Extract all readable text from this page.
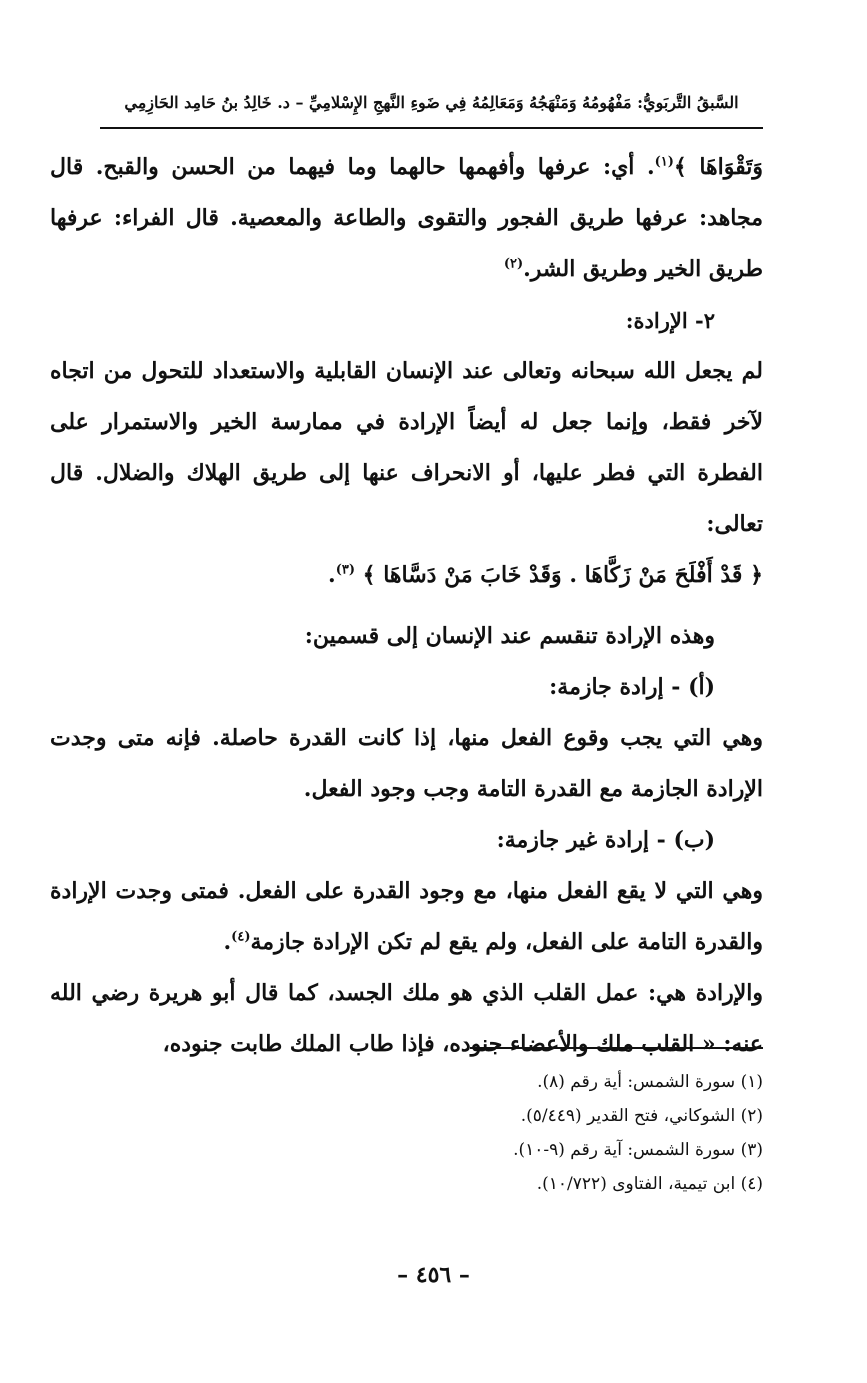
السَّبقُ التَّربَويُّ: مَفْهُومُهُ وَمَنْهَجُهُ وَمَعَالِمُهُ فِي ضَوءِ النَّهجِ الإِسْلامِيِّ – د. خَالِدُ بنُ حَامِد الحَازِمِي

وَتَقْوَاهَا ﴾$^{(١)}$. أي: عرفها وأفهمها حالهما وما فيهما من الحسن والقبح. قال مجاهد: عرفها طريق الفجور والتقوى والطاعة والمعصية. قال الفراء: عرفها طريق الخير وطريق الشر.$^{(٢)}$

٢- الإرادة:

لم يجعل الله سبحانه وتعالى عند الإنسان القابلية والاستعداد للتحول من اتجاه لآخر فقط، وإنما جعل له أيضاً الإرادة في ممارسة الخير والاستمرار على الفطرة التي فطر عليها، أو الانحراف عنها إلى طريق الهلاك والضلال. قال تعالى:

﴿ قَدْ أَفْلَحَ مَنْ زَكَّاهَا . وَقَدْ خَابَ مَنْ دَسَّاهَا ﴾ $^{(٣)}$.

وهذه الإرادة تنقسم عند الإنسان إلى قسمين:

(أ) - إرادة جازمة:

وهي التي يجب وقوع الفعل منها، إذا كانت القدرة حاصلة. فإنه متى وجدت الإرادة الجازمة مع القدرة التامة وجب وجود الفعل.

(ب) - إرادة غير جازمة:

وهي التي لا يقع الفعل منها، مع وجود القدرة على الفعل. فمتى وجدت الإرادة والقدرة التامة على الفعل، ولم يقع لم تكن الإرادة جازمة$^{(٤)}$.

والإرادة هي: عمل القلب الذي هو ملك الجسد، كما قال أبو هريرة رضي الله عنه: « القلب ملك والأعضاء جنوده، فإذا طاب الملك طابت جنوده،

(١) سورة الشمس: أية رقم (٨).

(٢) الشوكاني، فتح القدير (٥/٤٤٩).

(٣) سورة الشمس: آية رقم (٩-١٠).

(٤) ابن تيمية، الفتاوى (١٠/٧٢٢).

– ٤٥٦ –
